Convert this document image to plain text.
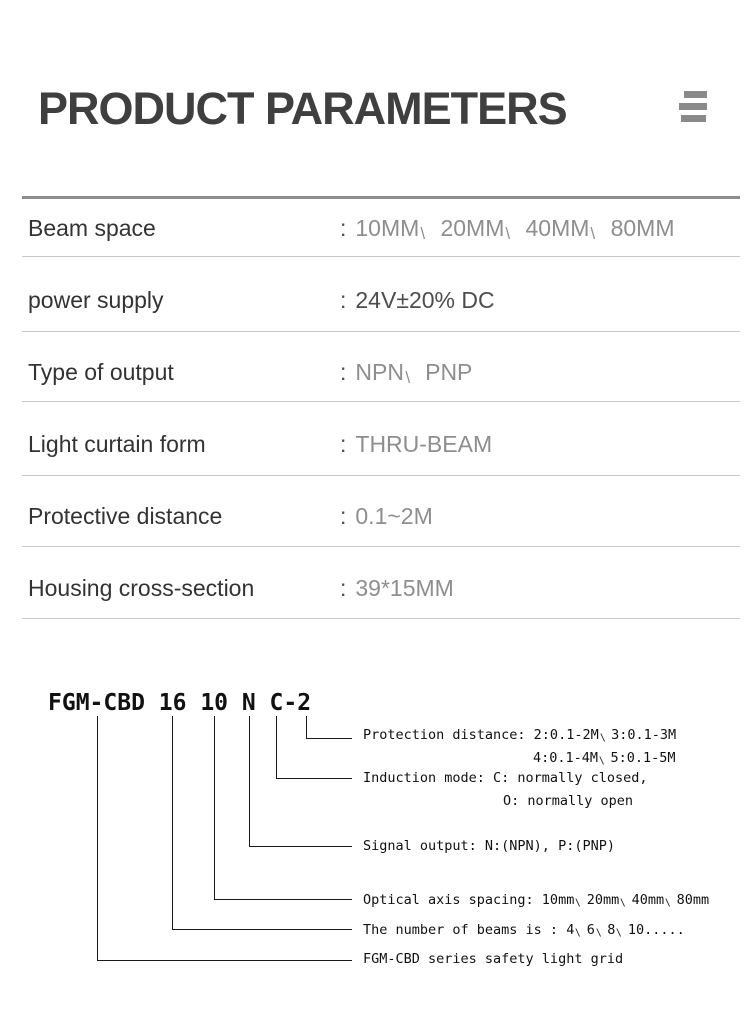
PRODUCT PARAMETERS
Beam space	: 10MM\ 20MM\ 40MM\ 80MM
power supply	: 24V±20% DC
Type of output	: NPN\ PNP
Light curtain form	: THRU-BEAM
Protective distance	: 0.1~2M
Housing cross-section	: 39*15MM
FGM-CBD 16 10 N C-2
Protection distance: 2:0.1-2M\ 3:0.1-3M
4:0.1-4M\ 5:0.1-5M
Induction mode: C: normally closed,
O: normally open
Signal output: N:(NPN), P:(PNP)
Optical axis spacing: 10mm\ 20mm\ 40mm\ 80mm
The number of beams is : 4\ 6\ 8\ 10.....
FGM-CBD series safety light grid
